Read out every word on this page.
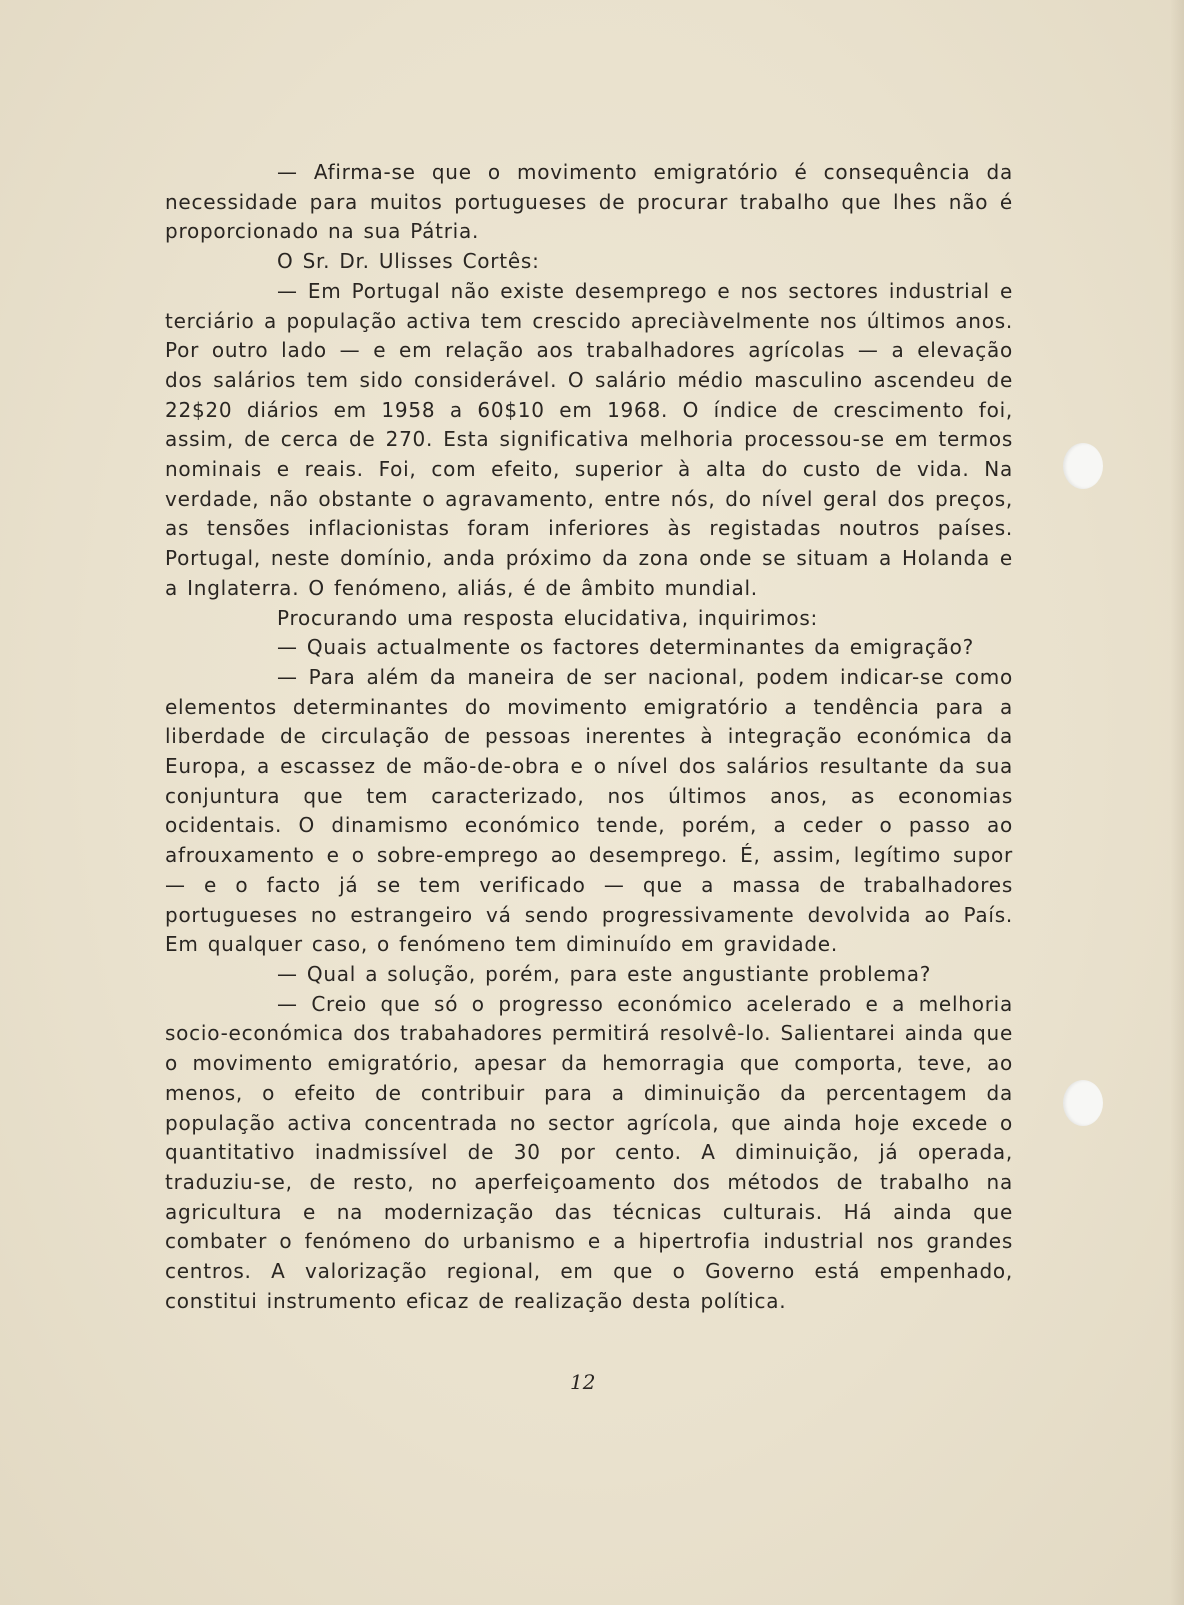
— Afirma-se que o movimento emigratório é consequência da necessidade para muitos portugueses de procurar trabalho que lhes não é proporcionado na sua Pátria.

O Sr. Dr. Ulisses Cortês:

— Em Portugal não existe desemprego e nos sectores industrial e terciário a população activa tem crescido apreciàvelmente nos últimos anos. Por outro lado — e em relação aos trabalhadores agrícolas — a elevação dos salários tem sido considerável. O salário médio masculino ascendeu de 22$20 diários em 1958 a 60$10 em 1968. O índice de crescimento foi, assim, de cerca de 270. Esta significativa melhoria processou-se em termos nominais e reais. Foi, com efeito, superior à alta do custo de vida. Na verdade, não obstante o agravamento, entre nós, do nível geral dos preços, as tensões inflacionistas foram inferiores às registadas noutros países. Portugal, neste domínio, anda próximo da zona onde se situam a Holanda e a Inglaterra. O fenómeno, aliás, é de âmbito mundial.

Procurando uma resposta elucidativa, inquirimos:

— Quais actualmente os factores determinantes da emigração?

— Para além da maneira de ser nacional, podem indicar-se como elementos determinantes do movimento emigratório a tendência para a liberdade de circulação de pessoas inerentes à integração económica da Europa, a escassez de mão-de-obra e o nível dos salários resultante da sua conjuntura que tem caracterizado, nos últimos anos, as economias ocidentais. O dinamismo económico tende, porém, a ceder o passo ao afrouxamento e o sobre-emprego ao desemprego. É, assim, legítimo supor — e o facto já se tem verificado — que a massa de trabalhadores portugueses no estrangeiro vá sendo progressivamente devolvida ao País. Em qualquer caso, o fenómeno tem diminuído em gravidade.

— Qual a solução, porém, para este angustiante problema?

— Creio que só o progresso económico acelerado e a melhoria socio-económica dos trabahadores permitirá resolvê-lo. Salientarei ainda que o movimento emigratório, apesar da hemorragia que comporta, teve, ao menos, o efeito de contribuir para a diminuição da percentagem da população activa concentrada no sector agrícola, que ainda hoje excede o quantitativo inadmissível de 30 por cento. A diminuição, já operada, traduziu-se, de resto, no aperfeiçoamento dos métodos de trabalho na agricultura e na modernização das técnicas culturais. Há ainda que combater o fenómeno do urbanismo e a hipertrofia industrial nos grandes centros. A valorização regional, em que o Governo está empenhado, constitui instrumento eficaz de realização desta política.

12
